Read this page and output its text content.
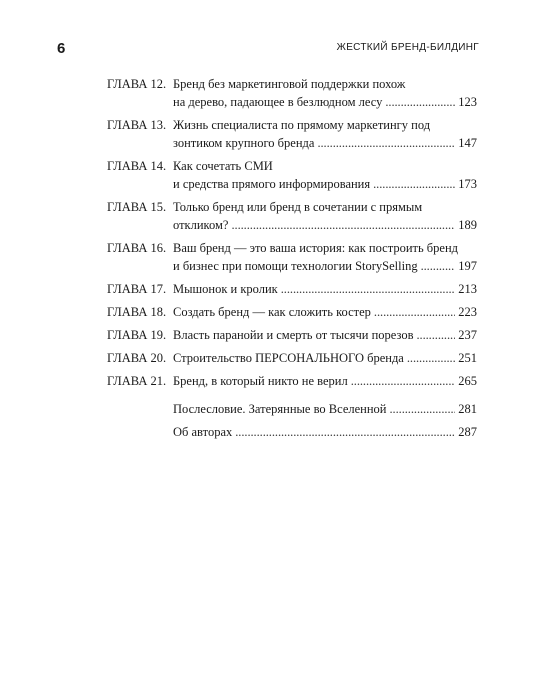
6	ЖЕСТКИЙ БРЕНД-БИЛДИНГ
ГЛАВА 12. Бренд без маркетинговой поддержки похож
на дерево, падающее в безлюдном лесу . . .	123
ГЛАВА 13. Жизнь специалиста по прямому маркетингу под
зонтиком крупного бренда . . .	147
ГЛАВА 14. Как сочетать СМИ
и средства прямого информирования . . .	173
ГЛАВА 15. Только бренд или бренд в сочетании с прямым
откликом? . . .	189
ГЛАВА 16. Ваш бренд — это ваша история: как построить бренд
и бизнес при помощи технологии StorySelling . . .	197
ГЛАВА 17. Мышонок и кролик . . .	213
ГЛАВА 18. Создать бренд — как сложить костер . . .	223
ГЛАВА 19. Власть паранойи и смерть от тысячи порезов . . .	237
ГЛАВА 20. Строительство ПЕРСОНАЛЬНОГО бренда . . .	251
ГЛАВА 21. Бренд, в который никто не верил . . .	265
Послесловие. Затерянные во Вселенной . . .	281
Об авторах . . .	287
